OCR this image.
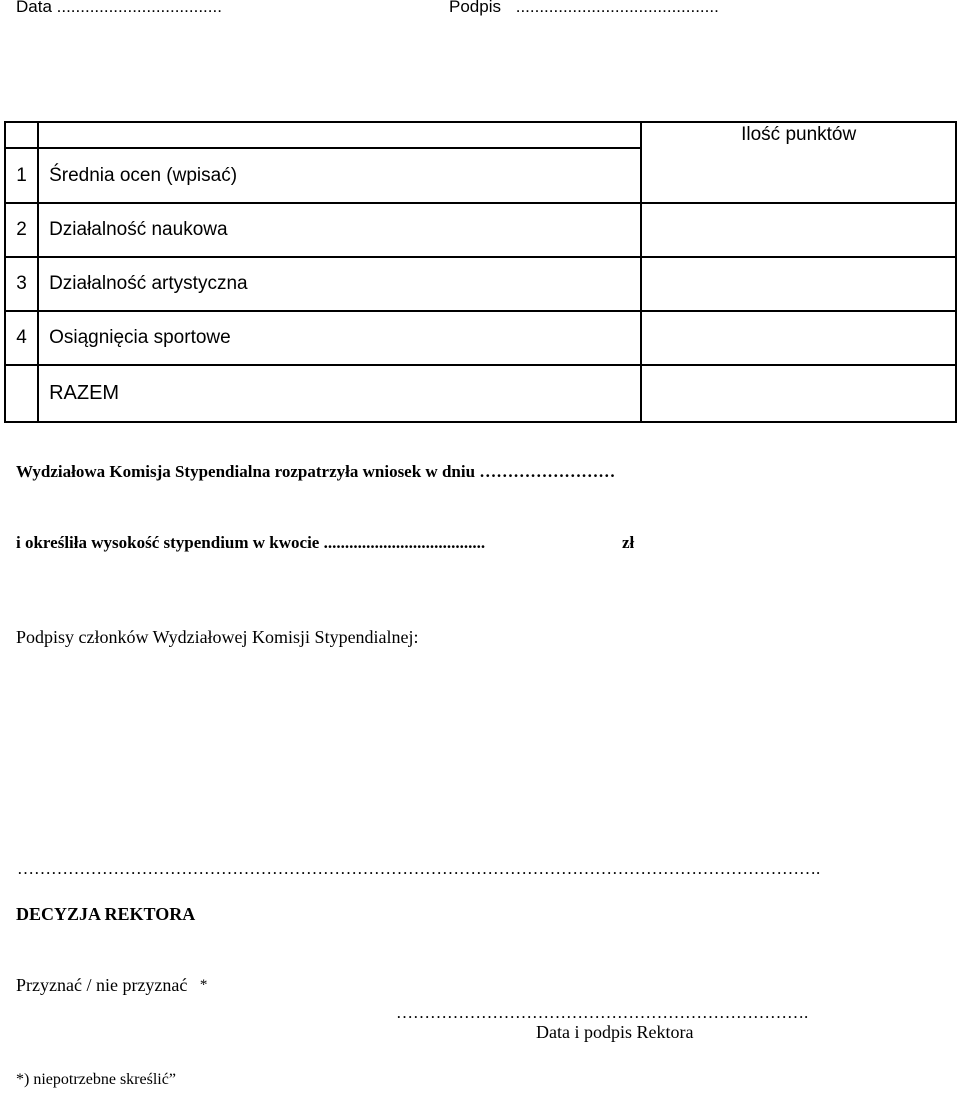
Data ...................................	Podpis ...........................................
		Ilość punktów
1	Średnia ocen (wpisać)	
2	Działalność naukowa	
3	Działalność artystyczna	
4	Osiągnięcia sportowe	
	RAZEM	
Wydziałowa Komisja Stypendialna rozpatrzyła wniosek w dniu ……………………
i określiła wysokość stypendium w kwocie ......................................	zł
Podpisy członków Wydziałowej Komisji Stypendialnej:
…………………………………………………………………………………………………………………………….
DECYZJA REKTORA
Przyznać / nie przyznać *
……………………………………………………………….
Data i podpis Rektora
*) niepotrzebne skreślić”
